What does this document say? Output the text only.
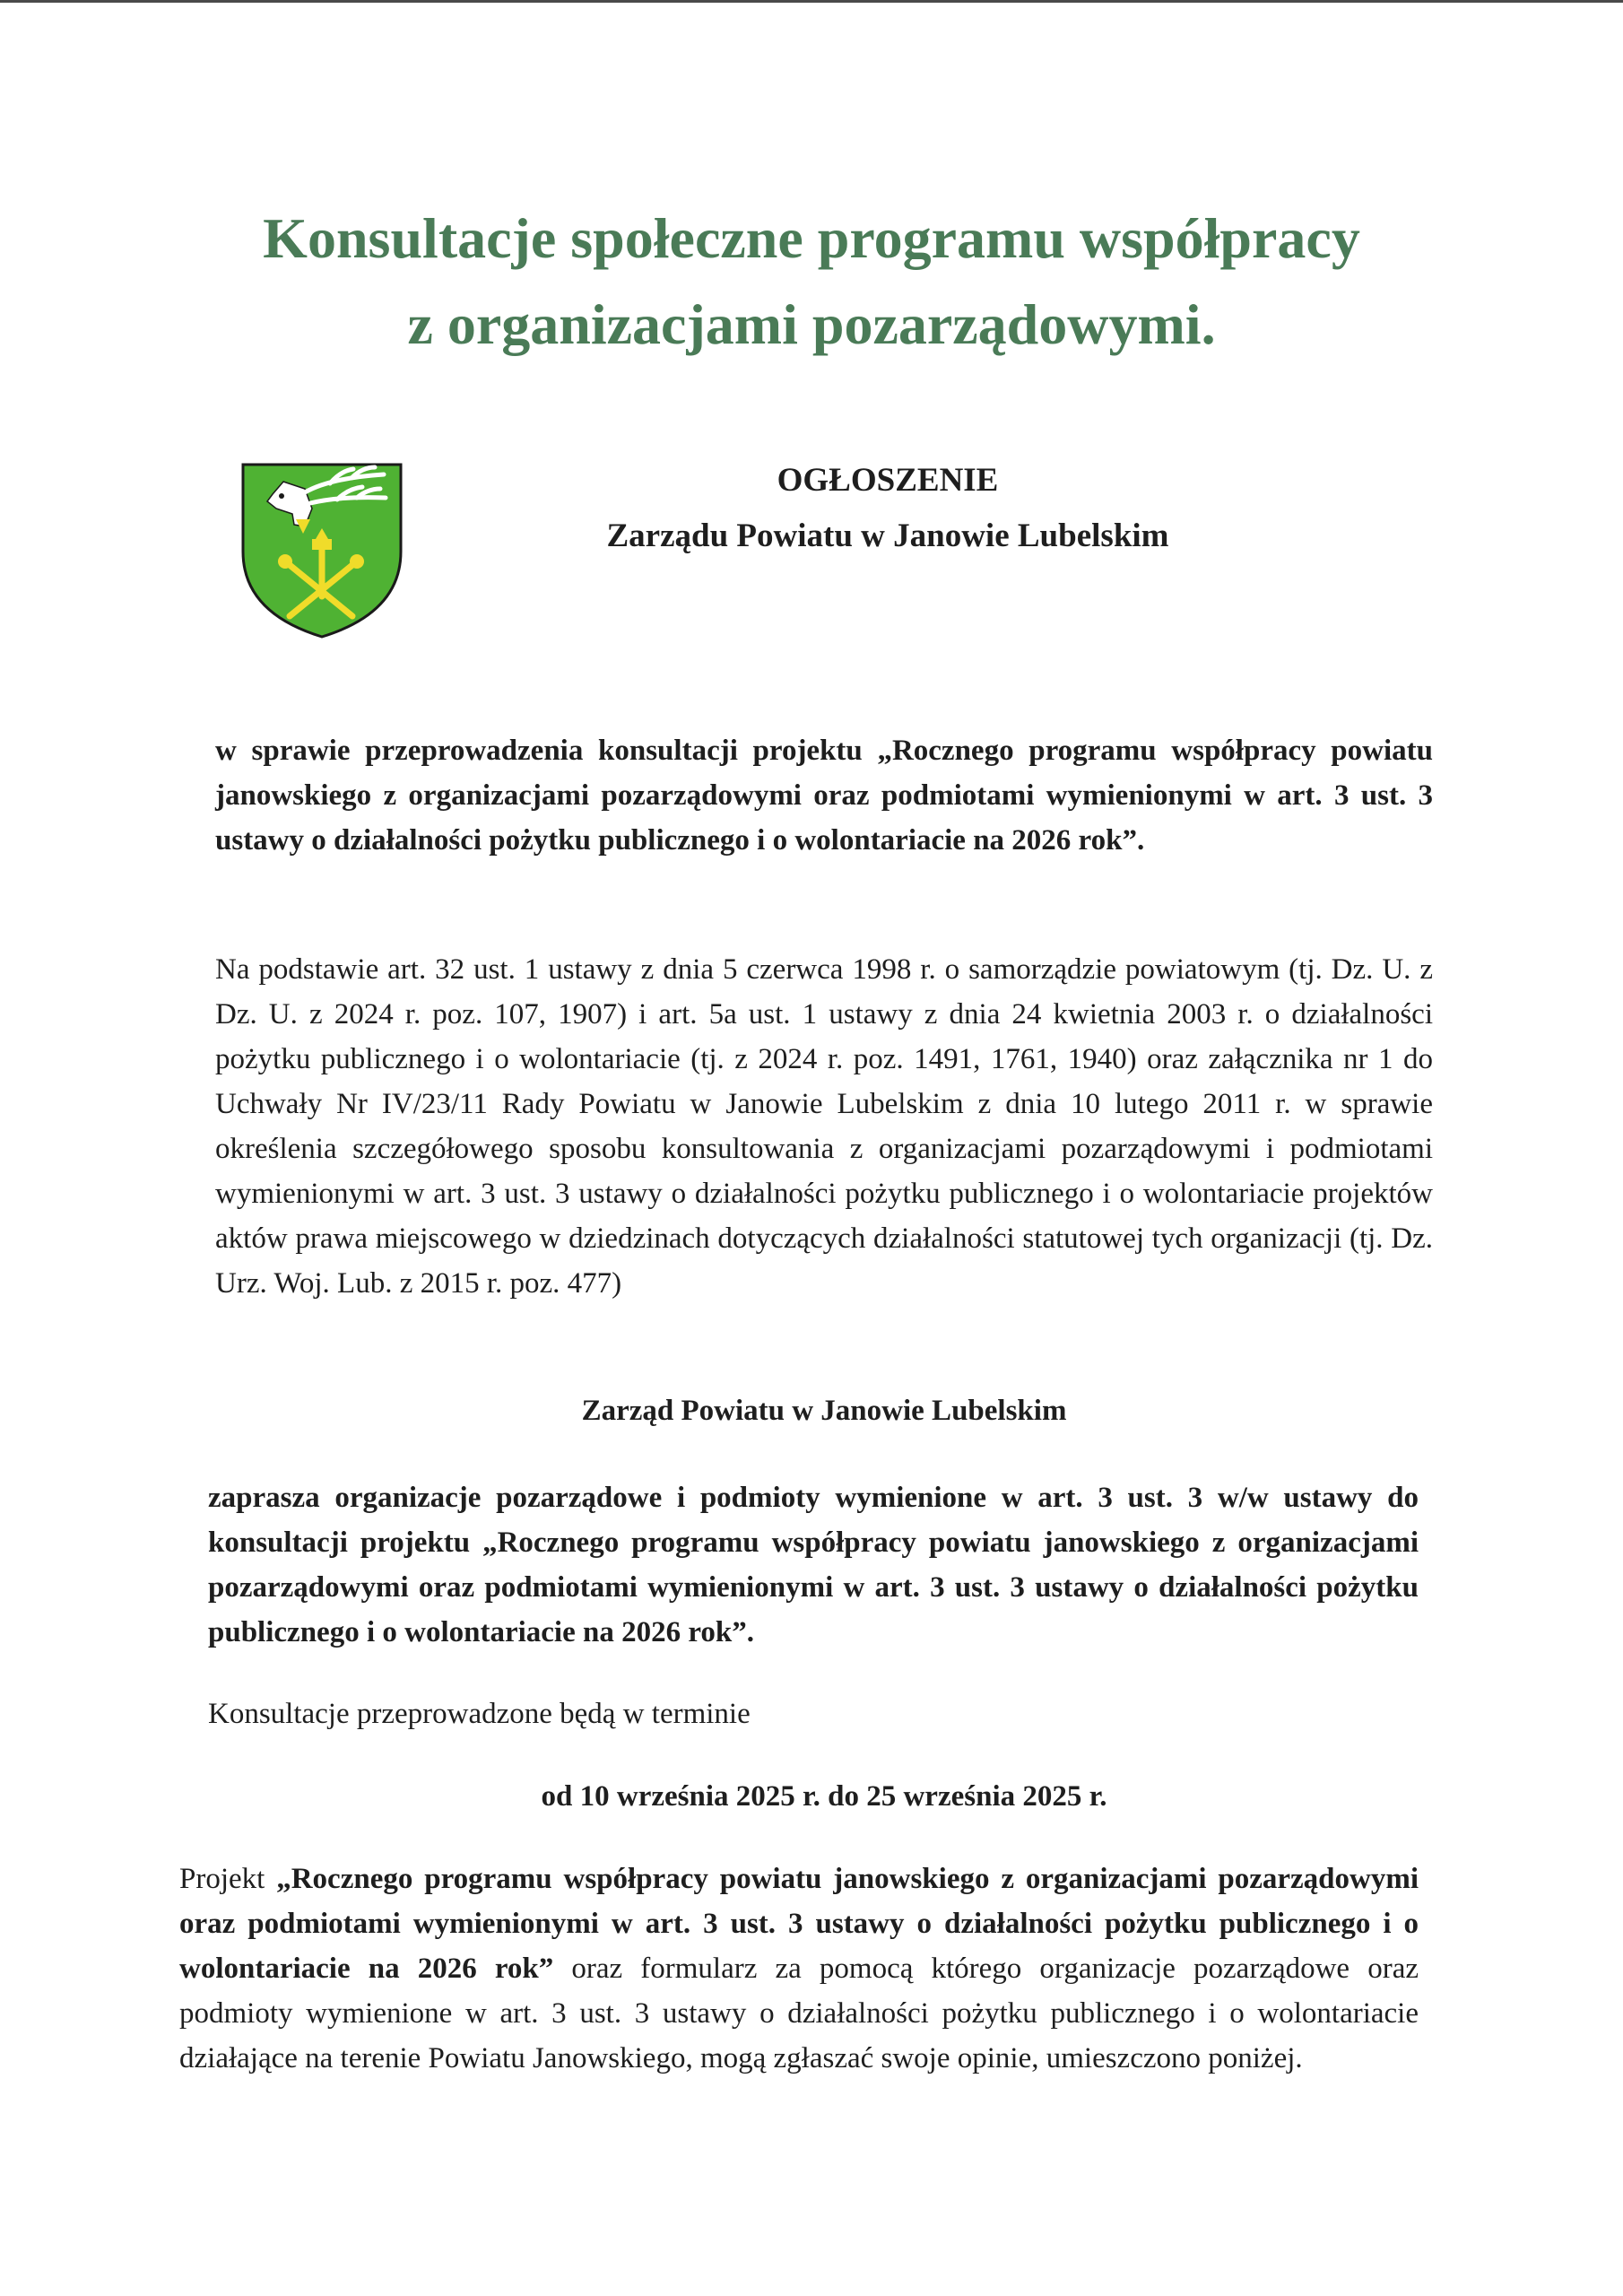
Konsultacje społeczne programu współpracy
z organizacjami pozarządowymi.
OGŁOSZENIE
Zarządu Powiatu w Janowie Lubelskim
w sprawie przeprowadzenia konsultacji projektu „Rocznego programu współpracy powiatu janowskiego z organizacjami pozarządowymi oraz podmiotami wymienionymi w art. 3 ust. 3 ustawy o działalności pożytku publicznego i o wolontariacie na 2026 rok”.
Na podstawie art. 32 ust. 1 ustawy z dnia 5 czerwca 1998 r. o samorządzie powiatowym (tj. Dz. U. z Dz. U. z 2024 r. poz. 107, 1907) i art. 5a ust. 1 ustawy z dnia 24 kwietnia 2003 r. o działalności pożytku publicznego i o wolontariacie (tj. z 2024 r. poz. 1491, 1761, 1940) oraz załącznika nr 1 do Uchwały Nr IV/23/11 Rady Powiatu w Janowie Lubelskim z dnia 10 lutego 2011 r. w sprawie określenia szczegółowego sposobu konsultowania z organizacjami pozarządowymi i podmiotami wymienionymi w art. 3 ust. 3 ustawy o działalności pożytku publicznego i o wolontariacie projektów aktów prawa miejscowego w dziedzinach dotyczących działalności statutowej tych organizacji (tj. Dz. Urz. Woj. Lub. z 2015 r. poz. 477)
Zarząd Powiatu w Janowie Lubelskim
zaprasza organizacje pozarządowe i podmioty wymienione w art. 3 ust. 3 w/w ustawy do konsultacji projektu „Rocznego programu współpracy powiatu janowskiego z organizacjami pozarządowymi oraz podmiotami wymienionymi w art. 3 ust. 3 ustawy o działalności pożytku publicznego i o wolontariacie na 2026 rok”.
Konsultacje przeprowadzone będą w terminie
od 10 września 2025 r. do 25 września 2025 r.
Projekt „Rocznego programu współpracy powiatu janowskiego z organizacjami pozarządowymi oraz podmiotami wymienionymi w art. 3 ust. 3 ustawy o działalności pożytku publicznego i o wolontariacie na 2026 rok” oraz formularz za pomocą którego organizacje pozarządowe oraz podmioty wymienione w art. 3 ust. 3 ustawy o działalności pożytku publicznego i o wolontariacie działające na terenie Powiatu Janowskiego, mogą zgłaszać swoje opinie, umieszczono poniżej.
